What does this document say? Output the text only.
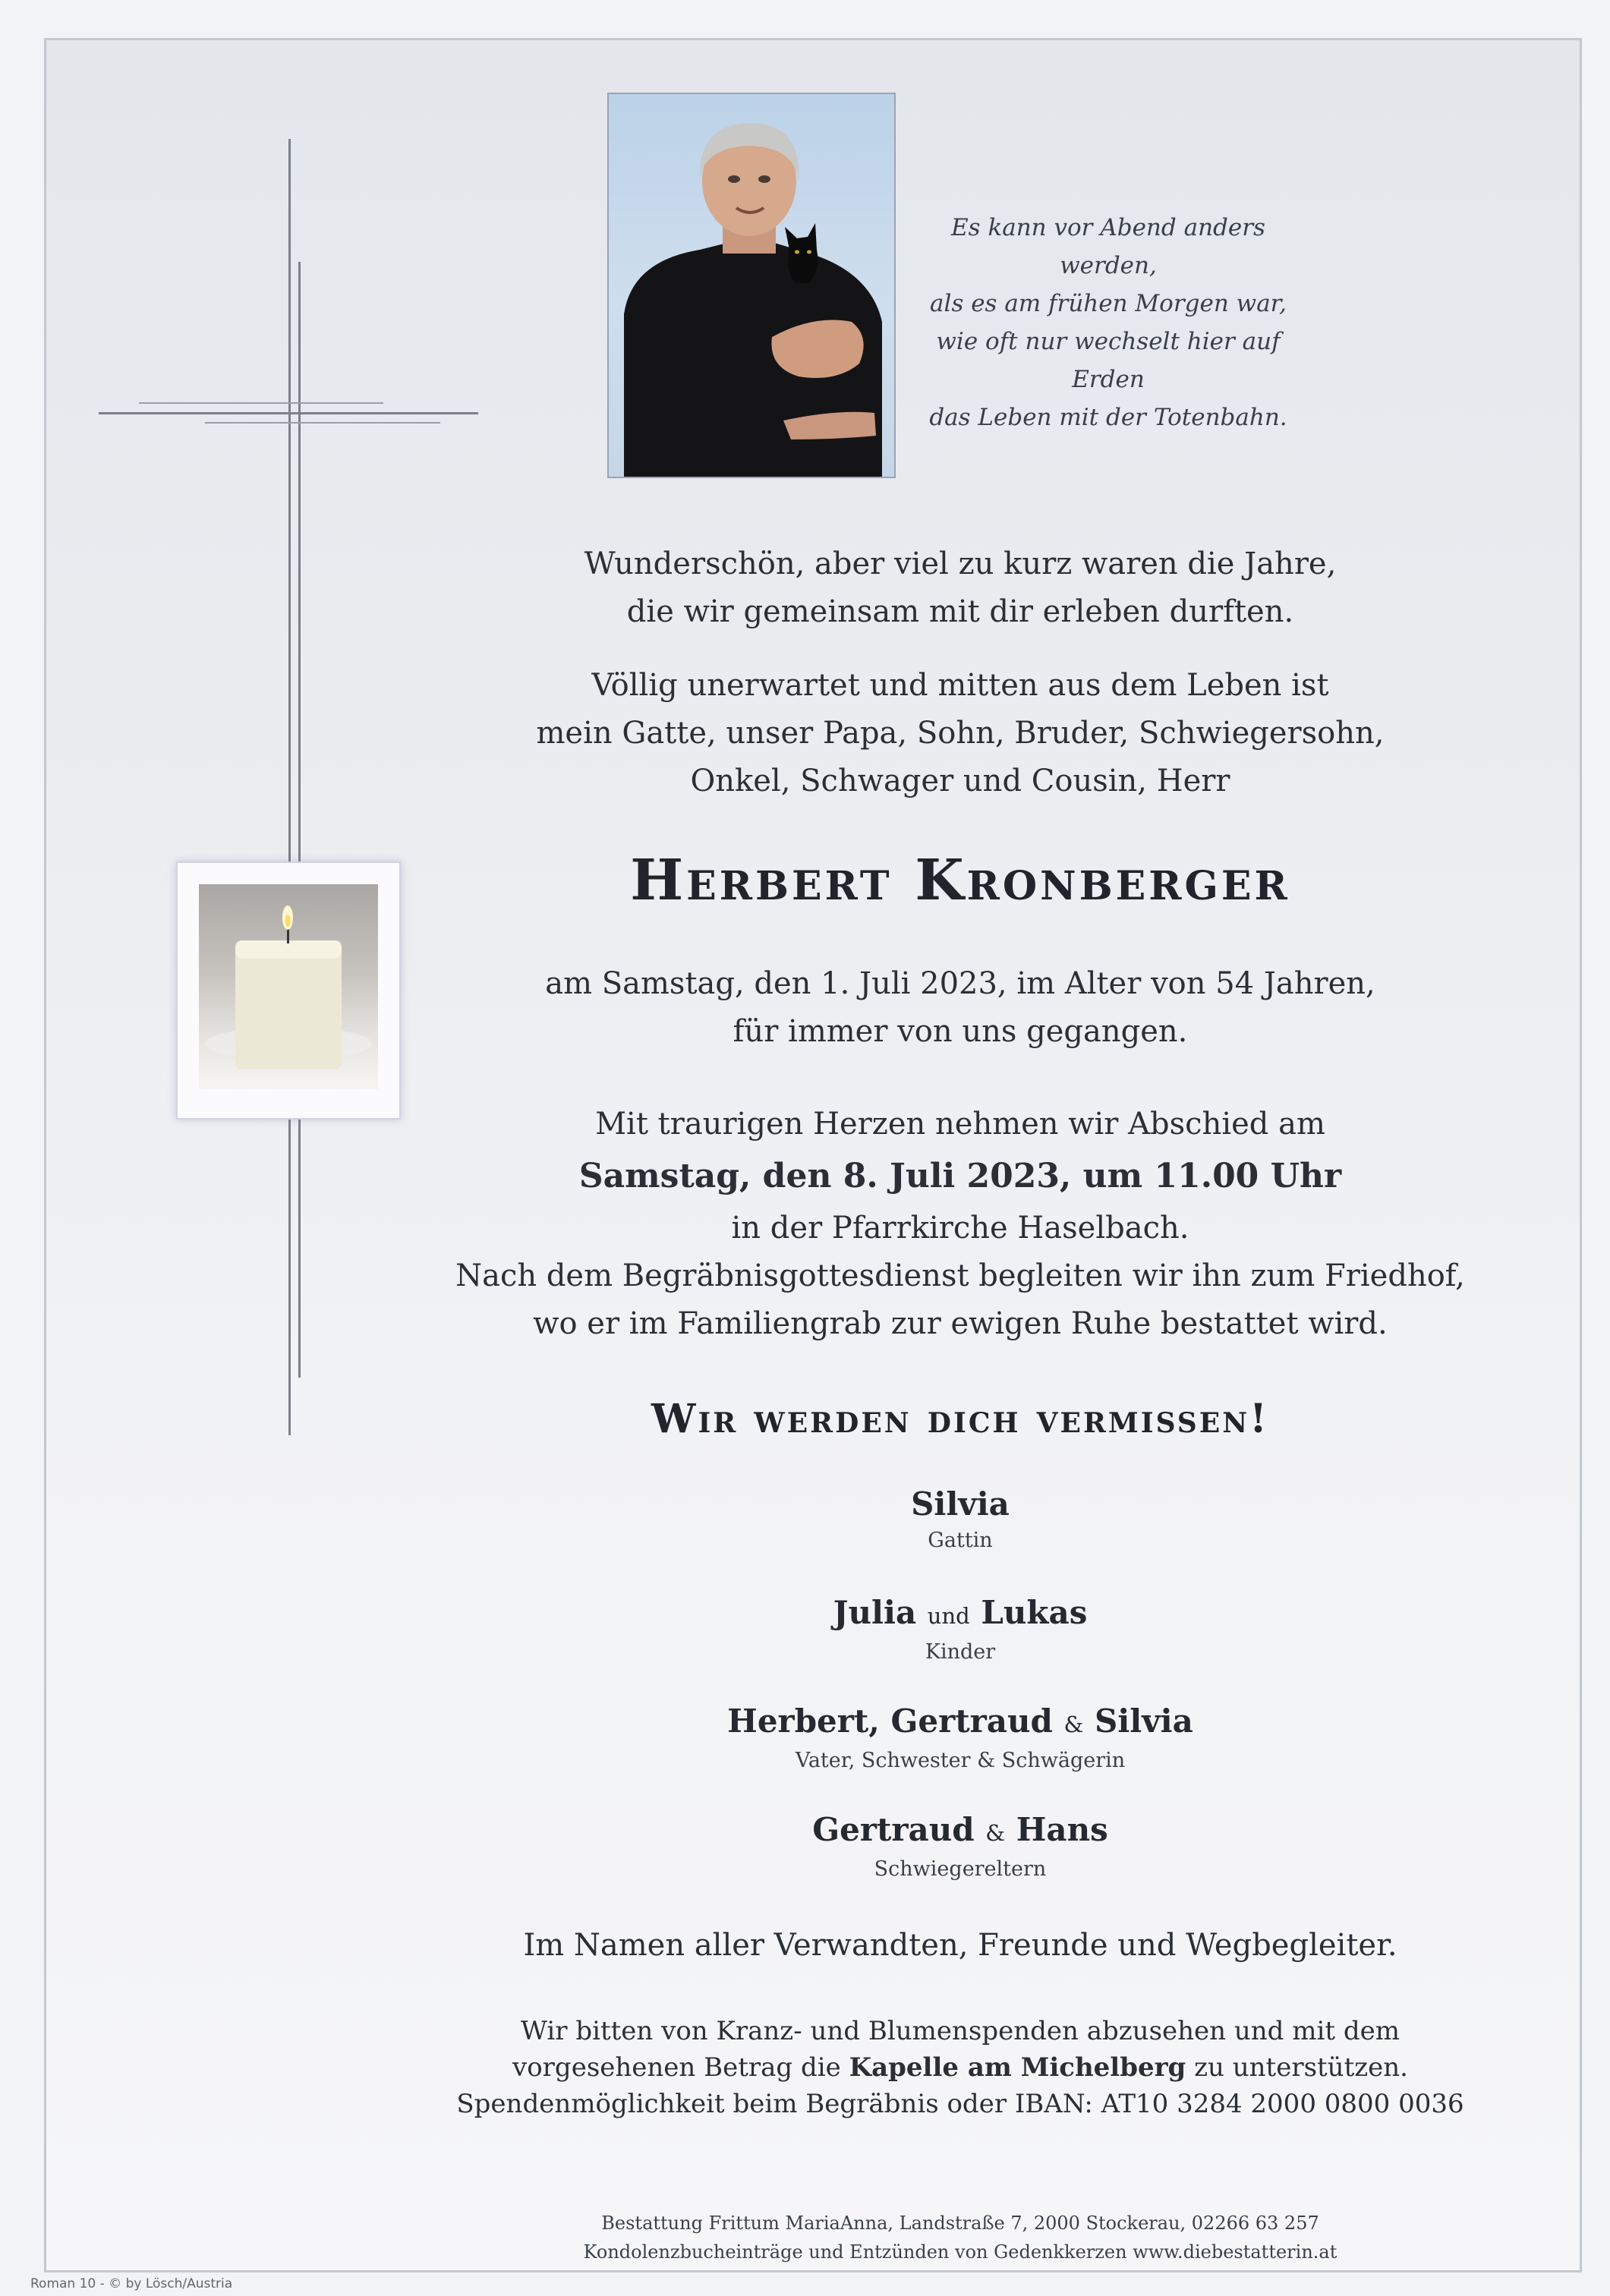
Es kann vor Abend anders werden,
als es am frühen Morgen war,
wie oft nur wechselt hier auf Erden
das Leben mit der Totenbahn.
Wunderschön, aber viel zu kurz waren die Jahre,
die wir gemeinsam mit dir erleben durften.
Völlig unerwartet und mitten aus dem Leben ist
mein Gatte, unser Papa, Sohn, Bruder, Schwiegersohn,
Onkel, Schwager und Cousin, Herr
Herbert Kronberger
am Samstag, den 1. Juli 2023, im Alter von 54 Jahren,
für immer von uns gegangen.
Mit traurigen Herzen nehmen wir Abschied am
Samstag, den 8. Juli 2023, um 11.00 Uhr
in der Pfarrkirche Haselbach.
Nach dem Begräbnisgottesdienst begleiten wir ihn zum Friedhof,
wo er im Familiengrab zur ewigen Ruhe bestattet wird.
Wir werden dich vermissen!
Silvia
Gattin
Julia und Lukas
Kinder
Herbert, Gertraud & Silvia
Vater, Schwester & Schwägerin
Gertraud & Hans
Schwiegereltern
Im Namen aller Verwandten, Freunde und Wegbegleiter.
Wir bitten von Kranz- und Blumenspenden abzusehen und mit dem
vorgesehenen Betrag die Kapelle am Michelberg zu unterstützen.
Spendenmöglichkeit beim Begräbnis oder IBAN: AT10 3284 2000 0800 0036
Bestattung Frittum MariaAnna, Landstraße 7, 2000 Stockerau, 02266 63 257
Kondolenzbucheinträge und Entzünden von Gedenkkerzen www.diebestatterin.at
Roman 10 - © by Lösch/Austria
